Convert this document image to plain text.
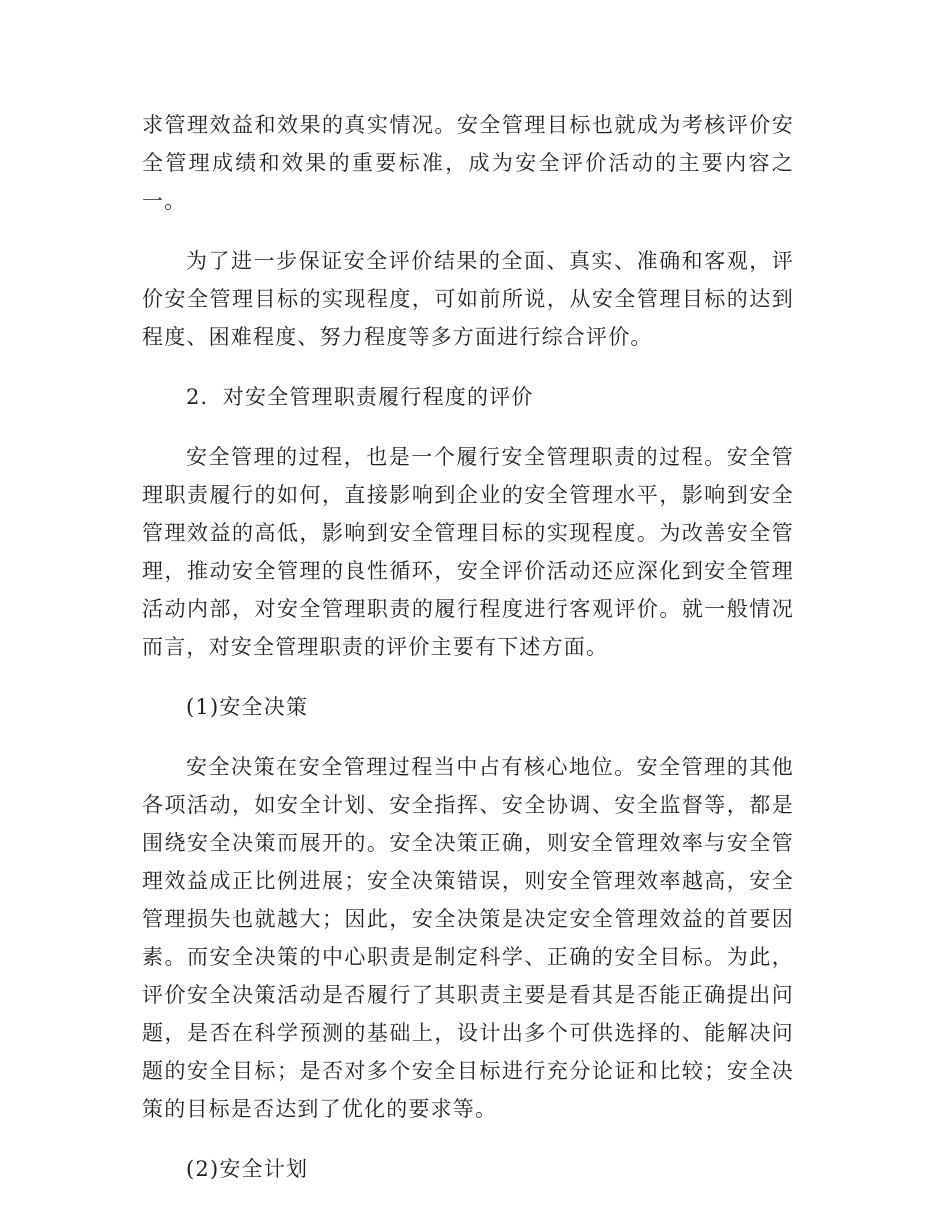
求管理效益和效果的真实情况。安全管理目标也就成为考核评价安全管理成绩和效果的重要标准，成为安全评价活动的主要内容之一。

为了进一步保证安全评价结果的全面、真实、准确和客观，评价安全管理目标的实现程度，可如前所说，从安全管理目标的达到程度、困难程度、努力程度等多方面进行综合评价。

2．对安全管理职责履行程度的评价

安全管理的过程，也是一个履行安全管理职责的过程。安全管理职责履行的如何，直接影响到企业的安全管理水平，影响到安全管理效益的高低，影响到安全管理目标的实现程度。为改善安全管理，推动安全管理的良性循环，安全评价活动还应深化到安全管理活动内部，对安全管理职责的履行程度进行客观评价。就一般情况而言，对安全管理职责的评价主要有下述方面。

(1)安全决策

安全决策在安全管理过程当中占有核心地位。安全管理的其他各项活动，如安全计划、安全指挥、安全协调、安全监督等，都是围绕安全决策而展开的。安全决策正确，则安全管理效率与安全管理效益成正比例进展；安全决策错误，则安全管理效率越高，安全管理损失也就越大；因此，安全决策是决定安全管理效益的首要因素。而安全决策的中心职责是制定科学、正确的安全目标。为此，评价安全决策活动是否履行了其职责主要是看其是否能正确提出问题，是否在科学预测的基础上，设计出多个可供选择的、能解决问题的安全目标；是否对多个安全目标进行充分论证和比较；安全决策的目标是否达到了优化的要求等。

(2)安全计划
